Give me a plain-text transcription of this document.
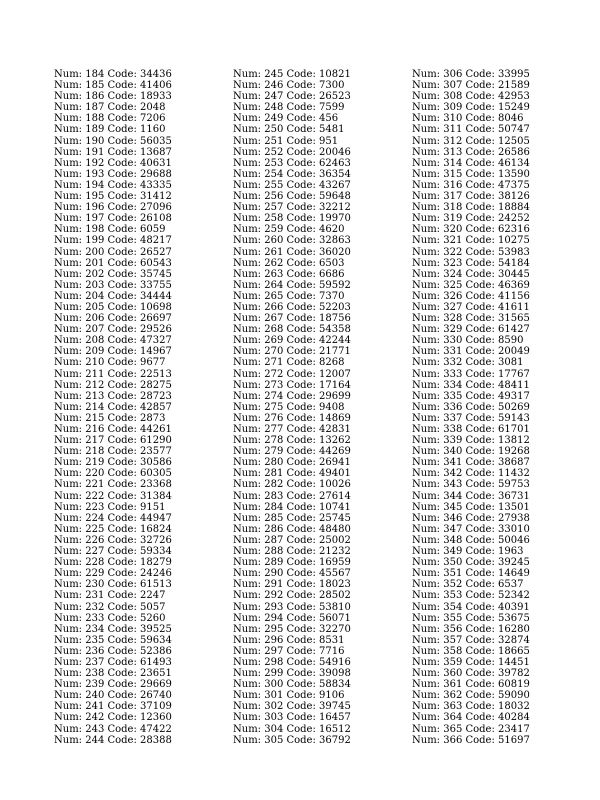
Num: 184 Code: 34436
Num: 185 Code: 41406
Num: 186 Code: 18933
Num: 187 Code: 2048
Num: 188 Code: 7206
Num: 189 Code: 1160
Num: 190 Code: 56035
Num: 191 Code: 13687
Num: 192 Code: 40631
Num: 193 Code: 29688
Num: 194 Code: 43335
Num: 195 Code: 31412
Num: 196 Code: 27096
Num: 197 Code: 26108
Num: 198 Code: 6059
Num: 199 Code: 48217
Num: 200 Code: 26527
Num: 201 Code: 60543
Num: 202 Code: 35745
Num: 203 Code: 33755
Num: 204 Code: 34444
Num: 205 Code: 10698
Num: 206 Code: 26697
Num: 207 Code: 29526
Num: 208 Code: 47327
Num: 209 Code: 14967
Num: 210 Code: 9677
Num: 211 Code: 22513
Num: 212 Code: 28275
Num: 213 Code: 28723
Num: 214 Code: 42857
Num: 215 Code: 2873
Num: 216 Code: 44261
Num: 217 Code: 61290
Num: 218 Code: 23577
Num: 219 Code: 30586
Num: 220 Code: 60305
Num: 221 Code: 23368
Num: 222 Code: 31384
Num: 223 Code: 9151
Num: 224 Code: 44947
Num: 225 Code: 16824
Num: 226 Code: 32726
Num: 227 Code: 59334
Num: 228 Code: 18279
Num: 229 Code: 24246
Num: 230 Code: 61513
Num: 231 Code: 2247
Num: 232 Code: 5057
Num: 233 Code: 5260
Num: 234 Code: 39525
Num: 235 Code: 59634
Num: 236 Code: 52386
Num: 237 Code: 61493
Num: 238 Code: 23651
Num: 239 Code: 29669
Num: 240 Code: 26740
Num: 241 Code: 37109
Num: 242 Code: 12360
Num: 243 Code: 47422
Num: 244 Code: 28388
Num: 245 Code: 10821
Num: 246 Code: 7300
Num: 247 Code: 26523
Num: 248 Code: 7599
Num: 249 Code: 456
Num: 250 Code: 5481
Num: 251 Code: 951
Num: 252 Code: 20046
Num: 253 Code: 62463
Num: 254 Code: 36354
Num: 255 Code: 43267
Num: 256 Code: 59648
Num: 257 Code: 32212
Num: 258 Code: 19970
Num: 259 Code: 4620
Num: 260 Code: 32863
Num: 261 Code: 36020
Num: 262 Code: 6503
Num: 263 Code: 6686
Num: 264 Code: 59592
Num: 265 Code: 7370
Num: 266 Code: 52203
Num: 267 Code: 18756
Num: 268 Code: 54358
Num: 269 Code: 42244
Num: 270 Code: 21771
Num: 271 Code: 8268
Num: 272 Code: 12007
Num: 273 Code: 17164
Num: 274 Code: 29699
Num: 275 Code: 9408
Num: 276 Code: 14869
Num: 277 Code: 42831
Num: 278 Code: 13262
Num: 279 Code: 44269
Num: 280 Code: 26941
Num: 281 Code: 49401
Num: 282 Code: 10026
Num: 283 Code: 27614
Num: 284 Code: 10741
Num: 285 Code: 25745
Num: 286 Code: 48480
Num: 287 Code: 25002
Num: 288 Code: 21232
Num: 289 Code: 16959
Num: 290 Code: 45567
Num: 291 Code: 18023
Num: 292 Code: 28502
Num: 293 Code: 53810
Num: 294 Code: 56071
Num: 295 Code: 32270
Num: 296 Code: 8531
Num: 297 Code: 7716
Num: 298 Code: 54916
Num: 299 Code: 39098
Num: 300 Code: 58834
Num: 301 Code: 9106
Num: 302 Code: 39745
Num: 303 Code: 16457
Num: 304 Code: 16512
Num: 305 Code: 36792
Num: 306 Code: 33995
Num: 307 Code: 21589
Num: 308 Code: 42953
Num: 309 Code: 15249
Num: 310 Code: 8046
Num: 311 Code: 50747
Num: 312 Code: 12505
Num: 313 Code: 26586
Num: 314 Code: 46134
Num: 315 Code: 13590
Num: 316 Code: 47375
Num: 317 Code: 38126
Num: 318 Code: 18884
Num: 319 Code: 24252
Num: 320 Code: 62316
Num: 321 Code: 10275
Num: 322 Code: 53983
Num: 323 Code: 54184
Num: 324 Code: 30445
Num: 325 Code: 46369
Num: 326 Code: 41156
Num: 327 Code: 41611
Num: 328 Code: 31565
Num: 329 Code: 61427
Num: 330 Code: 8590
Num: 331 Code: 20049
Num: 332 Code: 3081
Num: 333 Code: 17767
Num: 334 Code: 48411
Num: 335 Code: 49317
Num: 336 Code: 50269
Num: 337 Code: 59143
Num: 338 Code: 61701
Num: 339 Code: 13812
Num: 340 Code: 19268
Num: 341 Code: 38687
Num: 342 Code: 11432
Num: 343 Code: 59753
Num: 344 Code: 36731
Num: 345 Code: 13501
Num: 346 Code: 27938
Num: 347 Code: 33010
Num: 348 Code: 50046
Num: 349 Code: 1963
Num: 350 Code: 39245
Num: 351 Code: 14649
Num: 352 Code: 6537
Num: 353 Code: 52342
Num: 354 Code: 40391
Num: 355 Code: 53675
Num: 356 Code: 16280
Num: 357 Code: 32874
Num: 358 Code: 18665
Num: 359 Code: 14451
Num: 360 Code: 39782
Num: 361 Code: 60819
Num: 362 Code: 59090
Num: 363 Code: 18032
Num: 364 Code: 40284
Num: 365 Code: 23417
Num: 366 Code: 51697
